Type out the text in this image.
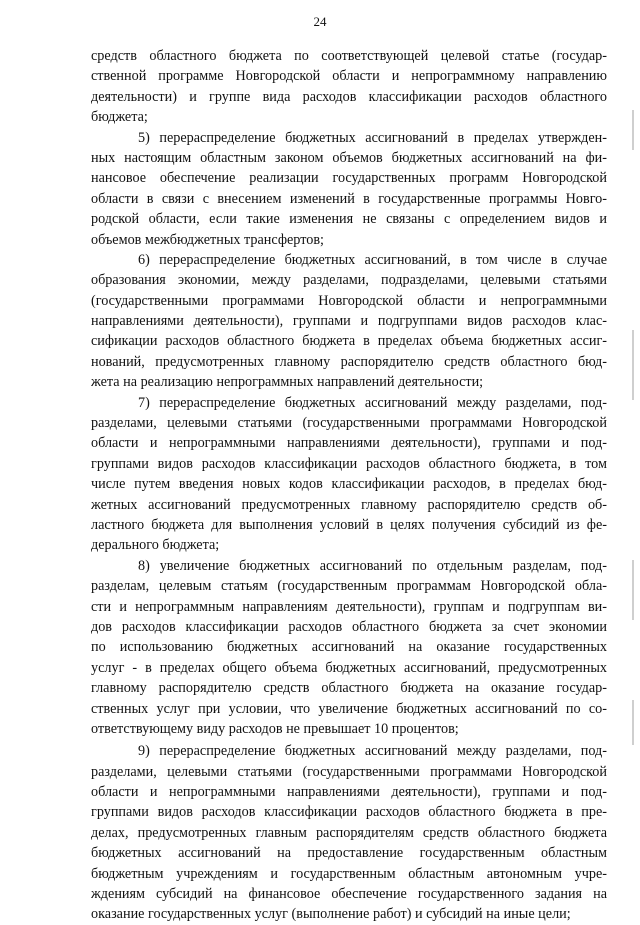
24
средств областного бюджета по соответствующей целевой статье (государ-
ственной программе Новгородской области и непрограммному направлению
деятельности) и группе вида расходов классификации расходов областного
бюджета;
5) перераспределение бюджетных ассигнований в пределах утвержден-
ных настоящим областным законом объемов бюджетных ассигнований на фи-
нансовое обеспечение реализации государственных программ Новгородской
области в связи с внесением изменений в государственные программы Новго-
родской области, если такие изменения не связаны с определением видов и
объемов межбюджетных трансфертов;
6) перераспределение бюджетных ассигнований, в том числе в случае
образования экономии, между разделами, подразделами, целевыми статьями
(государственными программами Новгородской области и непрограммными
направлениями деятельности), группами и подгруппами видов расходов клас-
сификации расходов областного бюджета в пределах объема бюджетных ассиг-
нований, предусмотренных главному распорядителю средств областного бюд-
жета на реализацию непрограммных направлений деятельности;
7) перераспределение бюджетных ассигнований между разделами, под-
разделами, целевыми статьями (государственными программами Новгородской
области и непрограммными направлениями деятельности), группами и под-
группами видов расходов классификации расходов областного бюджета, в том
числе путем введения новых кодов классификации расходов, в пределах бюд-
жетных ассигнований предусмотренных главному распорядителю средств об-
ластного бюджета для выполнения условий в целях получения субсидий из фе-
дерального бюджета;
8) увеличение бюджетных ассигнований по отдельным разделам, под-
разделам, целевым статьям (государственным программам Новгородской обла-
сти и непрограммным направлениям деятельности), группам и подгруппам ви-
дов расходов классификации расходов областного бюджета за счет экономии
по использованию бюджетных ассигнований на оказание государственных
услуг - в пределах общего объема бюджетных ассигнований, предусмотренных
главному распорядителю средств областного бюджета на оказание государ-
ственных услуг при условии, что увеличение бюджетных ассигнований по со-
ответствующему виду расходов не превышает 10 процентов;
9) перераспределение бюджетных ассигнований между разделами, под-
разделами, целевыми статьями (государственными программами Новгородской
области и непрограммными направлениями деятельности), группами и под-
группами видов расходов классификации расходов областного бюджета в пре-
делах, предусмотренных главным распорядителям средств областного бюджета
бюджетных ассигнований на предоставление государственным областным
бюджетным учреждениям и государственным областным автономным учре-
ждениям субсидий на финансовое обеспечение государственного задания на
оказание государственных услуг (выполнение работ) и субсидий на иные цели;
